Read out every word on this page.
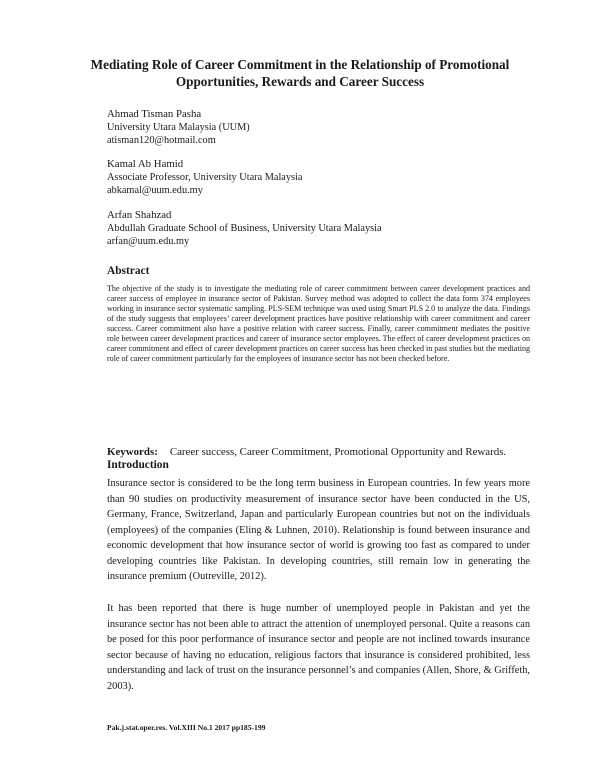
Mediating Role of Career Commitment in the Relationship of Promotional Opportunities, Rewards and Career Success
Ahmad Tisman Pasha
University Utara Malaysia (UUM)
atisman120@hotmail.com
Kamal Ab Hamid
Associate Professor, University Utara Malaysia
abkamal@uum.edu.my
Arfan Shahzad
Abdullah Graduate School of Business, University Utara Malaysia
arfan@uum.edu.my
Abstract
The objective of the study is to investigate the mediating role of career commitment between career development practices and career success of employee in insurance sector of Pakistan. Survey method was adopted to collect the data form 374 employees working in insurance sector systematic sampling. PLS-SEM technique was used using Smart PLS 2.0 to analyze the data. Findings of the study suggests that employees’ career development practices have positive relationship with career commitment and career success. Career commitment also have a positive relation with career success. Finally, career commitment mediates the positive role between career development practices and career of insurance sector employees. The effect of career development practices on career commitment and effect of career development practices on career success has been checked in past studies but the mediating role of career commitment particularly for the employees of insurance sector has not been checked before.
Keywords: Career success, Career Commitment, Promotional Opportunity and Rewards.
Introduction
Insurance sector is considered to be the long term business in European countries. In few years more than 90 studies on productivity measurement of insurance sector have been conducted in the US, Germany, France, Switzerland, Japan and particularly European countries but not on the individuals (employees) of the companies (Eling & Luhnen, 2010). Relationship is found between insurance and economic development that how insurance sector of world is growing too fast as compared to under developing countries like Pakistan. In developing countries, still remain low in generating the insurance premium (Outreville, 2012).
It has been reported that there is huge number of unemployed people in Pakistan and yet the insurance sector has not been able to attract the attention of unemployed personal. Quite a reasons can be posed for this poor performance of insurance sector and people are not inclined towards insurance sector because of having no education, religious factors that insurance is considered prohibited, less understanding and lack of trust on the insurance personnel’s and companies (Allen, Shore, & Griffeth, 2003).
Pak.j.stat.oper.res. Vol.XIII No.1 2017 pp185-199
